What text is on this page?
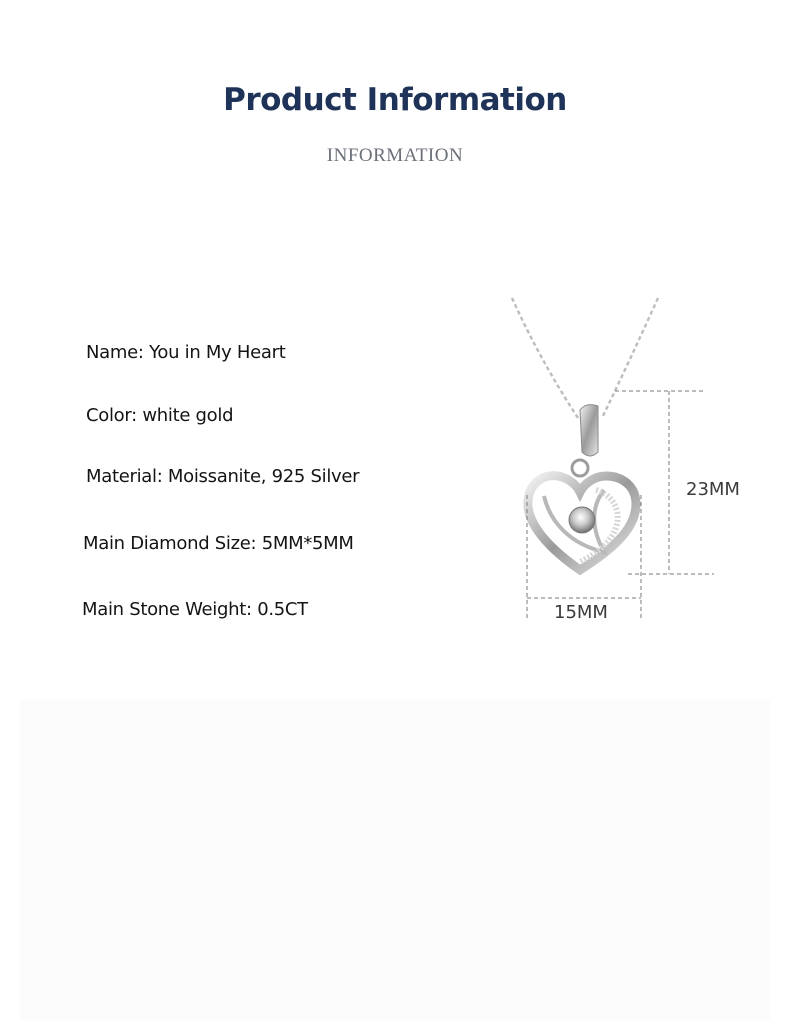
Product Information
INFORMATION
Name: You in My Heart
Color: white gold
Material: Moissanite, 925 Silver
Main Diamond Size: 5MM*5MM
Main Stone Weight: 0.5CT
23MM
15MM
